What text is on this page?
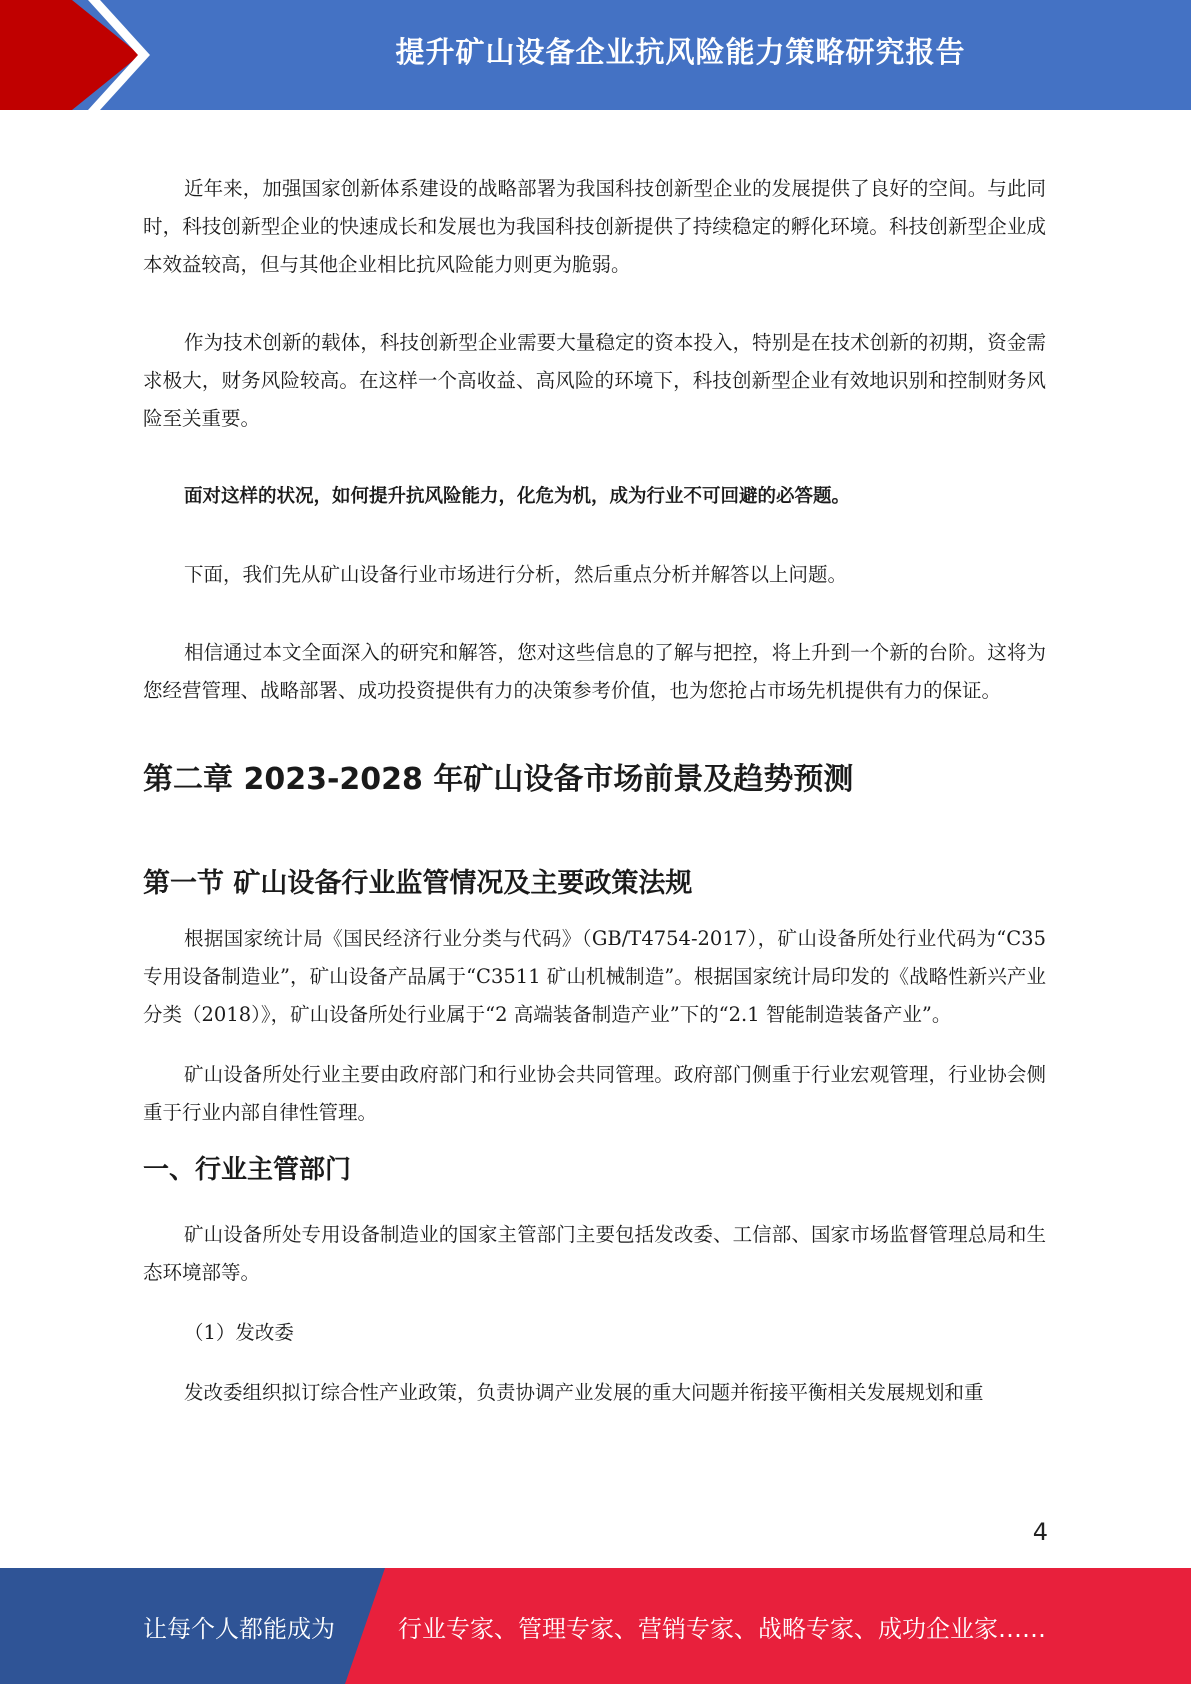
提升矿山设备企业抗风险能力策略研究报告

近年来，加强国家创新体系建设的战略部署为我国科技创新型企业的发展提供了良好的空间。与此同时，科技创新型企业的快速成长和发展也为我国科技创新提供了持续稳定的孵化环境。科技创新型企业成本效益较高，但与其他企业相比抗风险能力则更为脆弱。

作为技术创新的载体，科技创新型企业需要大量稳定的资本投入，特别是在技术创新的初期，资金需求极大，财务风险较高。在这样一个高收益、高风险的环境下，科技创新型企业有效地识别和控制财务风险至关重要。

面对这样的状况，如何提升抗风险能力，化危为机，成为行业不可回避的必答题。

下面，我们先从矿山设备行业市场进行分析，然后重点分析并解答以上问题。

相信通过本文全面深入的研究和解答，您对这些信息的了解与把控，将上升到一个新的台阶。这将为您经营管理、战略部署、成功投资提供有力的决策参考价值，也为您抢占市场先机提供有力的保证。

第二章 2023-2028 年矿山设备市场前景及趋势预测
第一节 矿山设备行业监管情况及主要政策法规

根据国家统计局《国民经济行业分类与代码》（GB/T4754-2017），矿山设备所处行业代码为“C35 专用设备制造业”，矿山设备产品属于“C3511 矿山机械制造”。根据国家统计局印发的《战略性新兴产业分类（2018）》，矿山设备所处行业属于“2 高端装备制造产业”下的“2.1 智能制造装备产业”。

矿山设备所处行业主要由政府部门和行业协会共同管理。政府部门侧重于行业宏观管理，行业协会侧重于行业内部自律性管理。

一、行业主管部门

矿山设备所处专用设备制造业的国家主管部门主要包括发改委、工信部、国家市场监督管理总局和生态环境部等。

（1）发改委

发改委组织拟订综合性产业政策，负责协调产业发展的重大问题并衔接平衡相关发展规划和重

4
让每个人都能成为	行业专家、管理专家、营销专家、战略专家、成功企业家……
